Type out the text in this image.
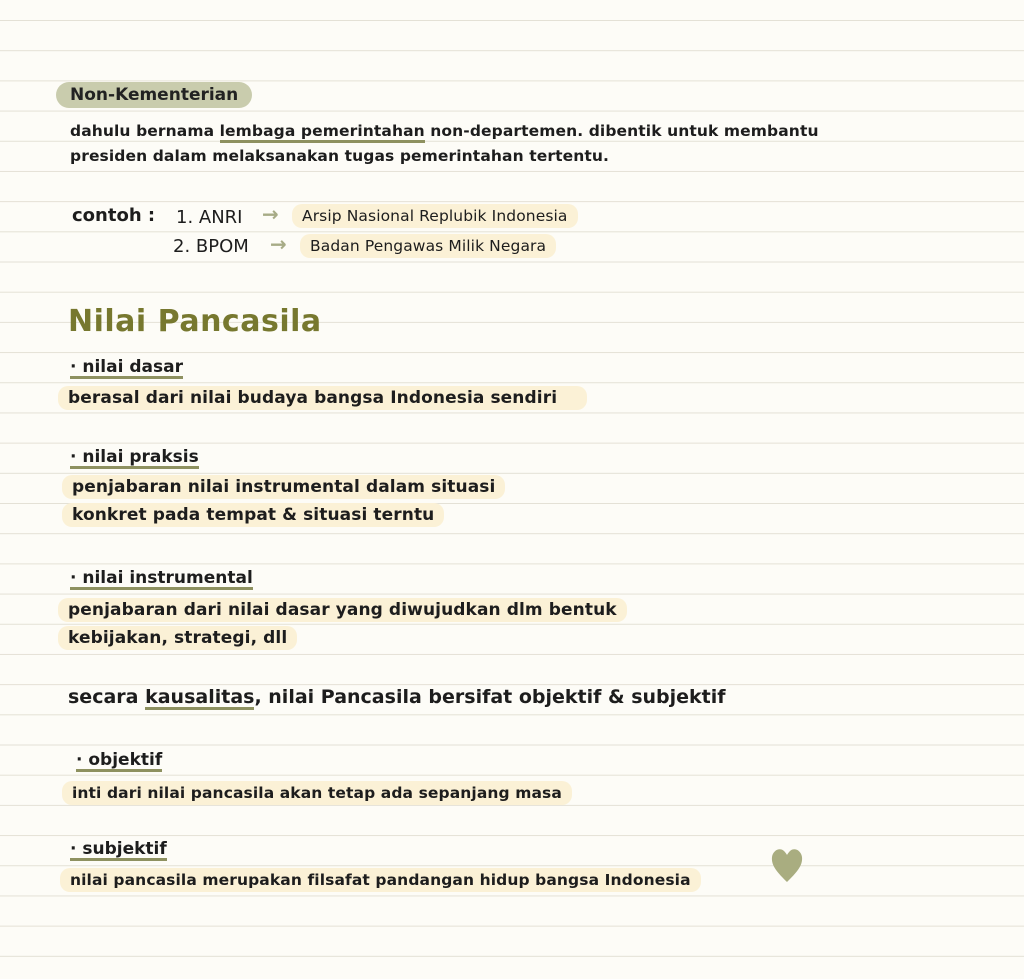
Non-Kementerian
dahulu bernama lembaga pemerintahan non-departemen. dibentik untuk membantu
presiden dalam melaksanakan tugas pemerintahan tertentu.
contoh : 1. ANRI →	Arsip Nasional Replubik Indonesia
2. BPOM →	Badan Pengawas Milik Negara
Nilai Pancasila
· nilai dasar
berasal dari nilai budaya bangsa Indonesia sendiri
· nilai praksis
penjabaran nilai instrumental dalam situasi
konkret pada tempat & situasi terntu
· nilai instrumental
penjabaran dari nilai dasar yang diwujudkan dlm bentuk
kebijakan, strategi, dll
secara kausalitas, nilai Pancasila bersifat objektif & subjektif
· objektif
inti dari nilai pancasila akan tetap ada sepanjang masa
· subjektif
nilai pancasila merupakan filsafat pandangan hidup bangsa Indonesia
